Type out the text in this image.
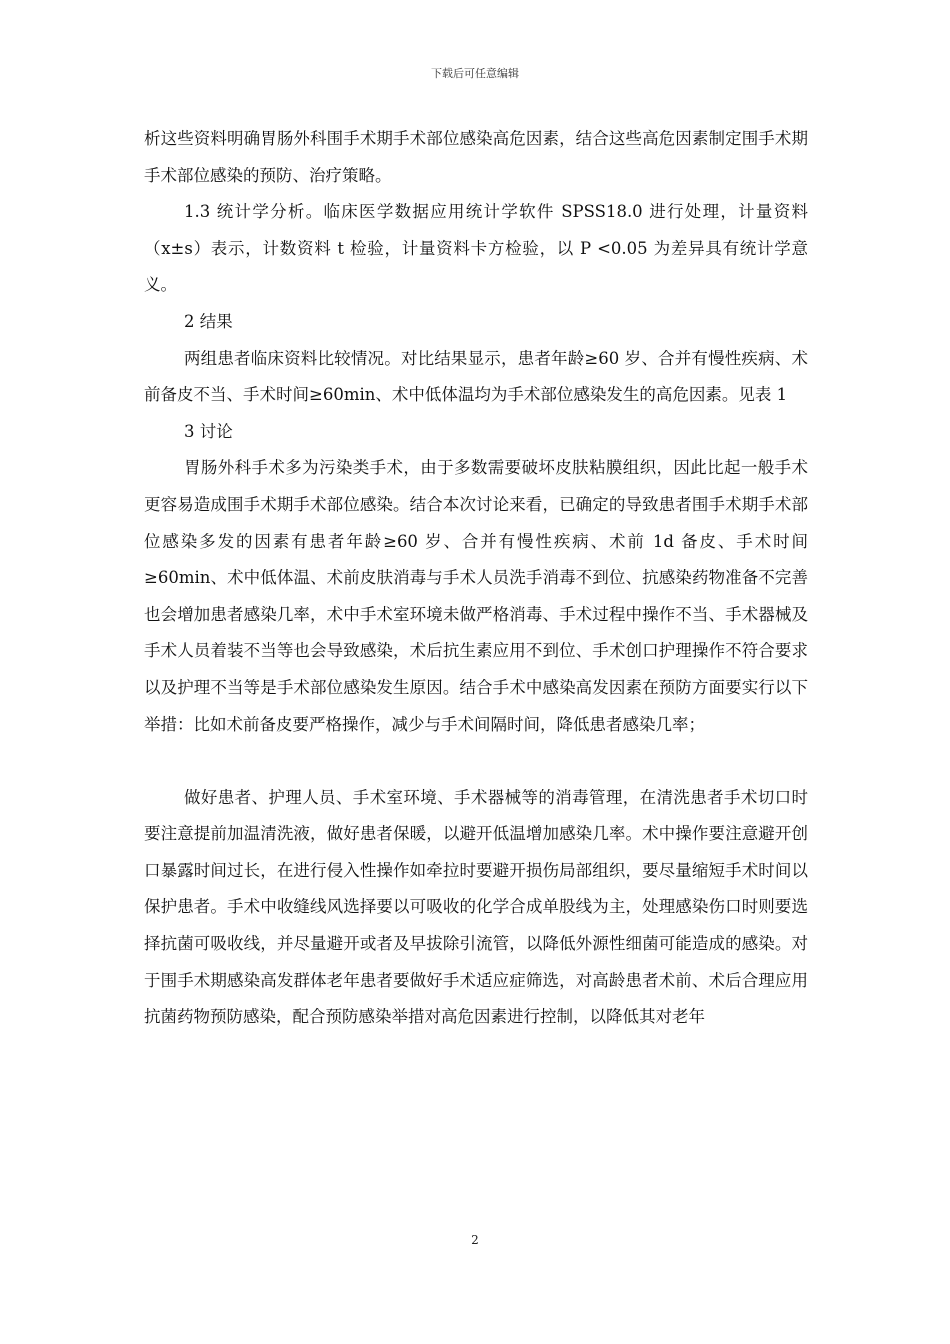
下载后可任意编辑

析这些资料明确胃肠外科围手术期手术部位感染高危因素，结合这些高危因素制定围手术期手术部位感染的预防、治疗策略。

1.3 统计学分析。临床医学数据应用统计学软件 SPSS18.0 进行处理，计量资料（x±s）表示，计数资料 t 检验，计量资料卡方检验，以 P <0.05 为差异具有统计学意义。

2 结果

两组患者临床资料比较情况。对比结果显示，患者年龄≥60 岁、合并有慢性疾病、术前备皮不当、手术时间≥60min、术中低体温均为手术部位感染发生的高危因素。见表 1

3 讨论

胃肠外科手术多为污染类手术，由于多数需要破坏皮肤粘膜组织，因此比起一般手术更容易造成围手术期手术部位感染。结合本次讨论来看，已确定的导致患者围手术期手术部位感染多发的因素有患者年龄≥60 岁、合并有慢性疾病、术前 1d 备皮、手术时间≥60min、术中低体温、术前皮肤消毒与手术人员洗手消毒不到位、抗感染药物准备不完善也会增加患者感染几率，术中手术室环境未做严格消毒、手术过程中操作不当、手术器械及手术人员着装不当等也会导致感染，术后抗生素应用不到位、手术创口护理操作不符合要求以及护理不当等是手术部位感染发生原因。结合手术中感染高发因素在预防方面要实行以下举措：比如术前备皮要严格操作，减少与手术间隔时间，降低患者感染几率；

做好患者、护理人员、手术室环境、手术器械等的消毒管理，在清洗患者手术切口时要注意提前加温清洗液，做好患者保暖，以避开低温增加感染几率。术中操作要注意避开创口暴露时间过长，在进行侵入性操作如牵拉时要避开损伤局部组织，要尽量缩短手术时间以保护患者。手术中收缝线风选择要以可吸收的化学合成单股线为主，处理感染伤口时则要选择抗菌可吸收线，并尽量避开或者及早拔除引流管，以降低外源性细菌可能造成的感染。对于围手术期感染高发群体老年患者要做好手术适应症筛选，对高龄患者术前、术后合理应用抗菌药物预防感染，配合预防感染举措对高危因素进行控制，以降低其对老年

2
